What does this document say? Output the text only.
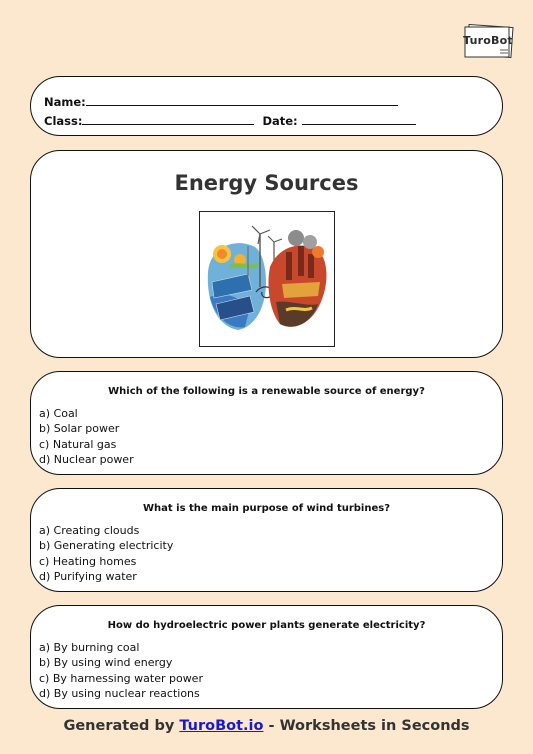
TuroBot
Name:
Class:	Date:
Energy Sources
Which of the following is a renewable source of energy?
a) Coal
b) Solar power
c) Natural gas
d) Nuclear power
What is the main purpose of wind turbines?
a) Creating clouds
b) Generating electricity
c) Heating homes
d) Purifying water
How do hydroelectric power plants generate electricity?
a) By burning coal
b) By using wind energy
c) By harnessing water power
d) By using nuclear reactions
Generated by TuroBot.io - Worksheets in Seconds
